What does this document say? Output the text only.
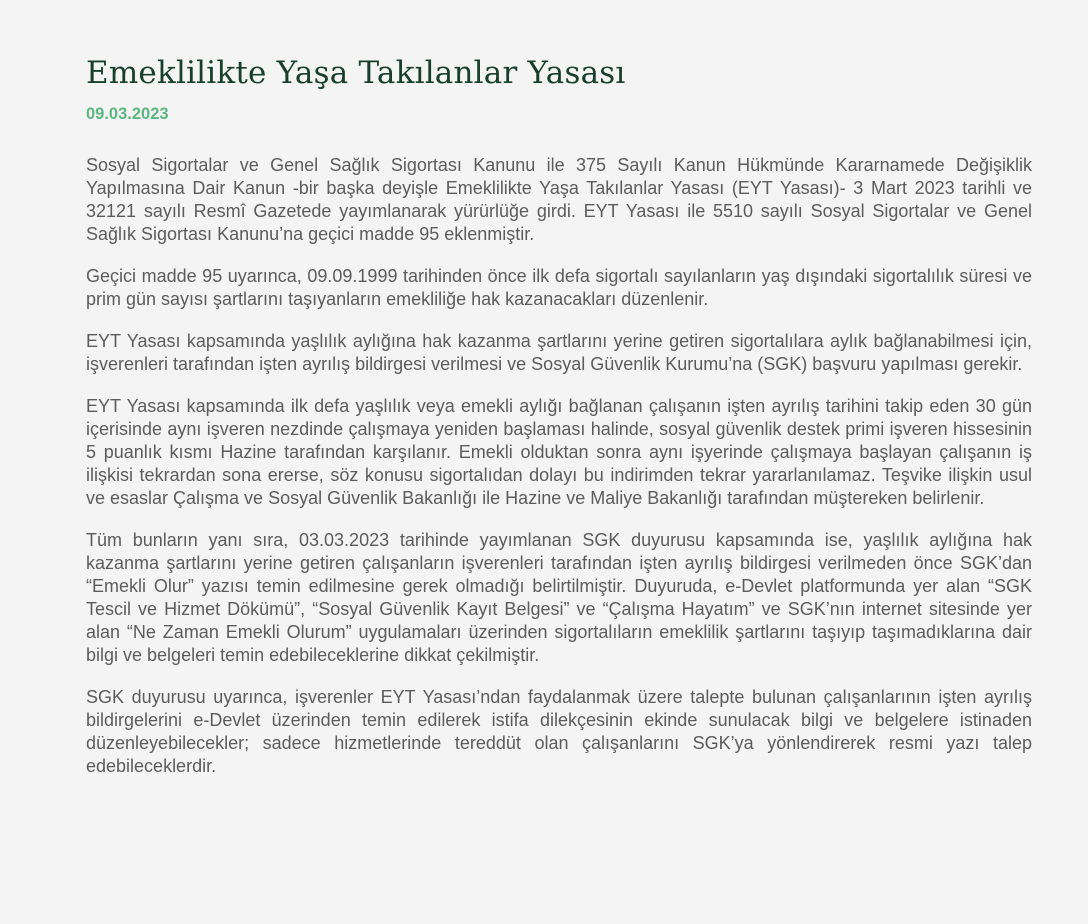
Emeklilikte Yaşa Takılanlar Yasası
09.03.2023

Sosyal Sigortalar ve Genel Sağlık Sigortası Kanunu ile 375 Sayılı Kanun Hükmünde Kararnamede Değişiklik Yapılmasına Dair Kanun -bir başka deyişle Emeklilikte Yaşa Takılanlar Yasası (EYT Yasası)- 3 Mart 2023 tarihli ve 32121 sayılı Resmî Gazetede yayımlanarak yürürlüğe girdi. EYT Yasası ile 5510 sayılı Sosyal Sigortalar ve Genel Sağlık Sigortası Kanunu’na geçici madde 95 eklenmiştir.

Geçici madde 95 uyarınca, 09.09.1999 tarihinden önce ilk defa sigortalı sayılanların yaş dışındaki sigortalılık süresi ve prim gün sayısı şartlarını taşıyanların emekliliğe hak kazanacakları düzenlenir.

EYT Yasası kapsamında yaşlılık aylığına hak kazanma şartlarını yerine getiren sigortalılara aylık bağlanabilmesi için, işverenleri tarafından işten ayrılış bildirgesi verilmesi ve Sosyal Güvenlik Kurumu’na (SGK) başvuru yapılması gerekir.

EYT Yasası kapsamında ilk defa yaşlılık veya emekli aylığı bağlanan çalışanın işten ayrılış tarihini takip eden 30 gün içerisinde aynı işveren nezdinde çalışmaya yeniden başlaması halinde, sosyal güvenlik destek primi işveren hissesinin 5 puanlık kısmı Hazine tarafından karşılanır. Emekli olduktan sonra aynı işyerinde çalışmaya başlayan çalışanın iş ilişkisi tekrardan sona ererse, söz konusu sigortalıdan dolayı bu indirimden tekrar yararlanılamaz. Teşvike ilişkin usul ve esaslar Çalışma ve Sosyal Güvenlik Bakanlığı ile Hazine ve Maliye Bakanlığı tarafından müştereken belirlenir.

Tüm bunların yanı sıra, 03.03.2023 tarihinde yayımlanan SGK duyurusu kapsamında ise, yaşlılık aylığına hak kazanma şartlarını yerine getiren çalışanların işverenleri tarafından işten ayrılış bildirgesi verilmeden önce SGK’dan “Emekli Olur” yazısı temin edilmesine gerek olmadığı belirtilmiştir. Duyuruda, e-Devlet platformunda yer alan “SGK Tescil ve Hizmet Dökümü”, “Sosyal Güvenlik Kayıt Belgesi” ve “Çalışma Hayatım” ve SGK’nın internet sitesinde yer alan “Ne Zaman Emekli Olurum” uygulamaları üzerinden sigortalıların emeklilik şartlarını taşıyıp taşımadıklarına dair bilgi ve belgeleri temin edebileceklerine dikkat çekilmiştir.

SGK duyurusu uyarınca, işverenler EYT Yasası’ndan faydalanmak üzere talepte bulunan çalışanlarının işten ayrılış bildirgelerini e-Devlet üzerinden temin edilerek istifa dilekçesinin ekinde sunulacak bilgi ve belgelere istinaden düzenleyebilecekler; sadece hizmetlerinde tereddüt olan çalışanlarını SGK’ya yönlendirerek resmi yazı talep edebileceklerdir.
